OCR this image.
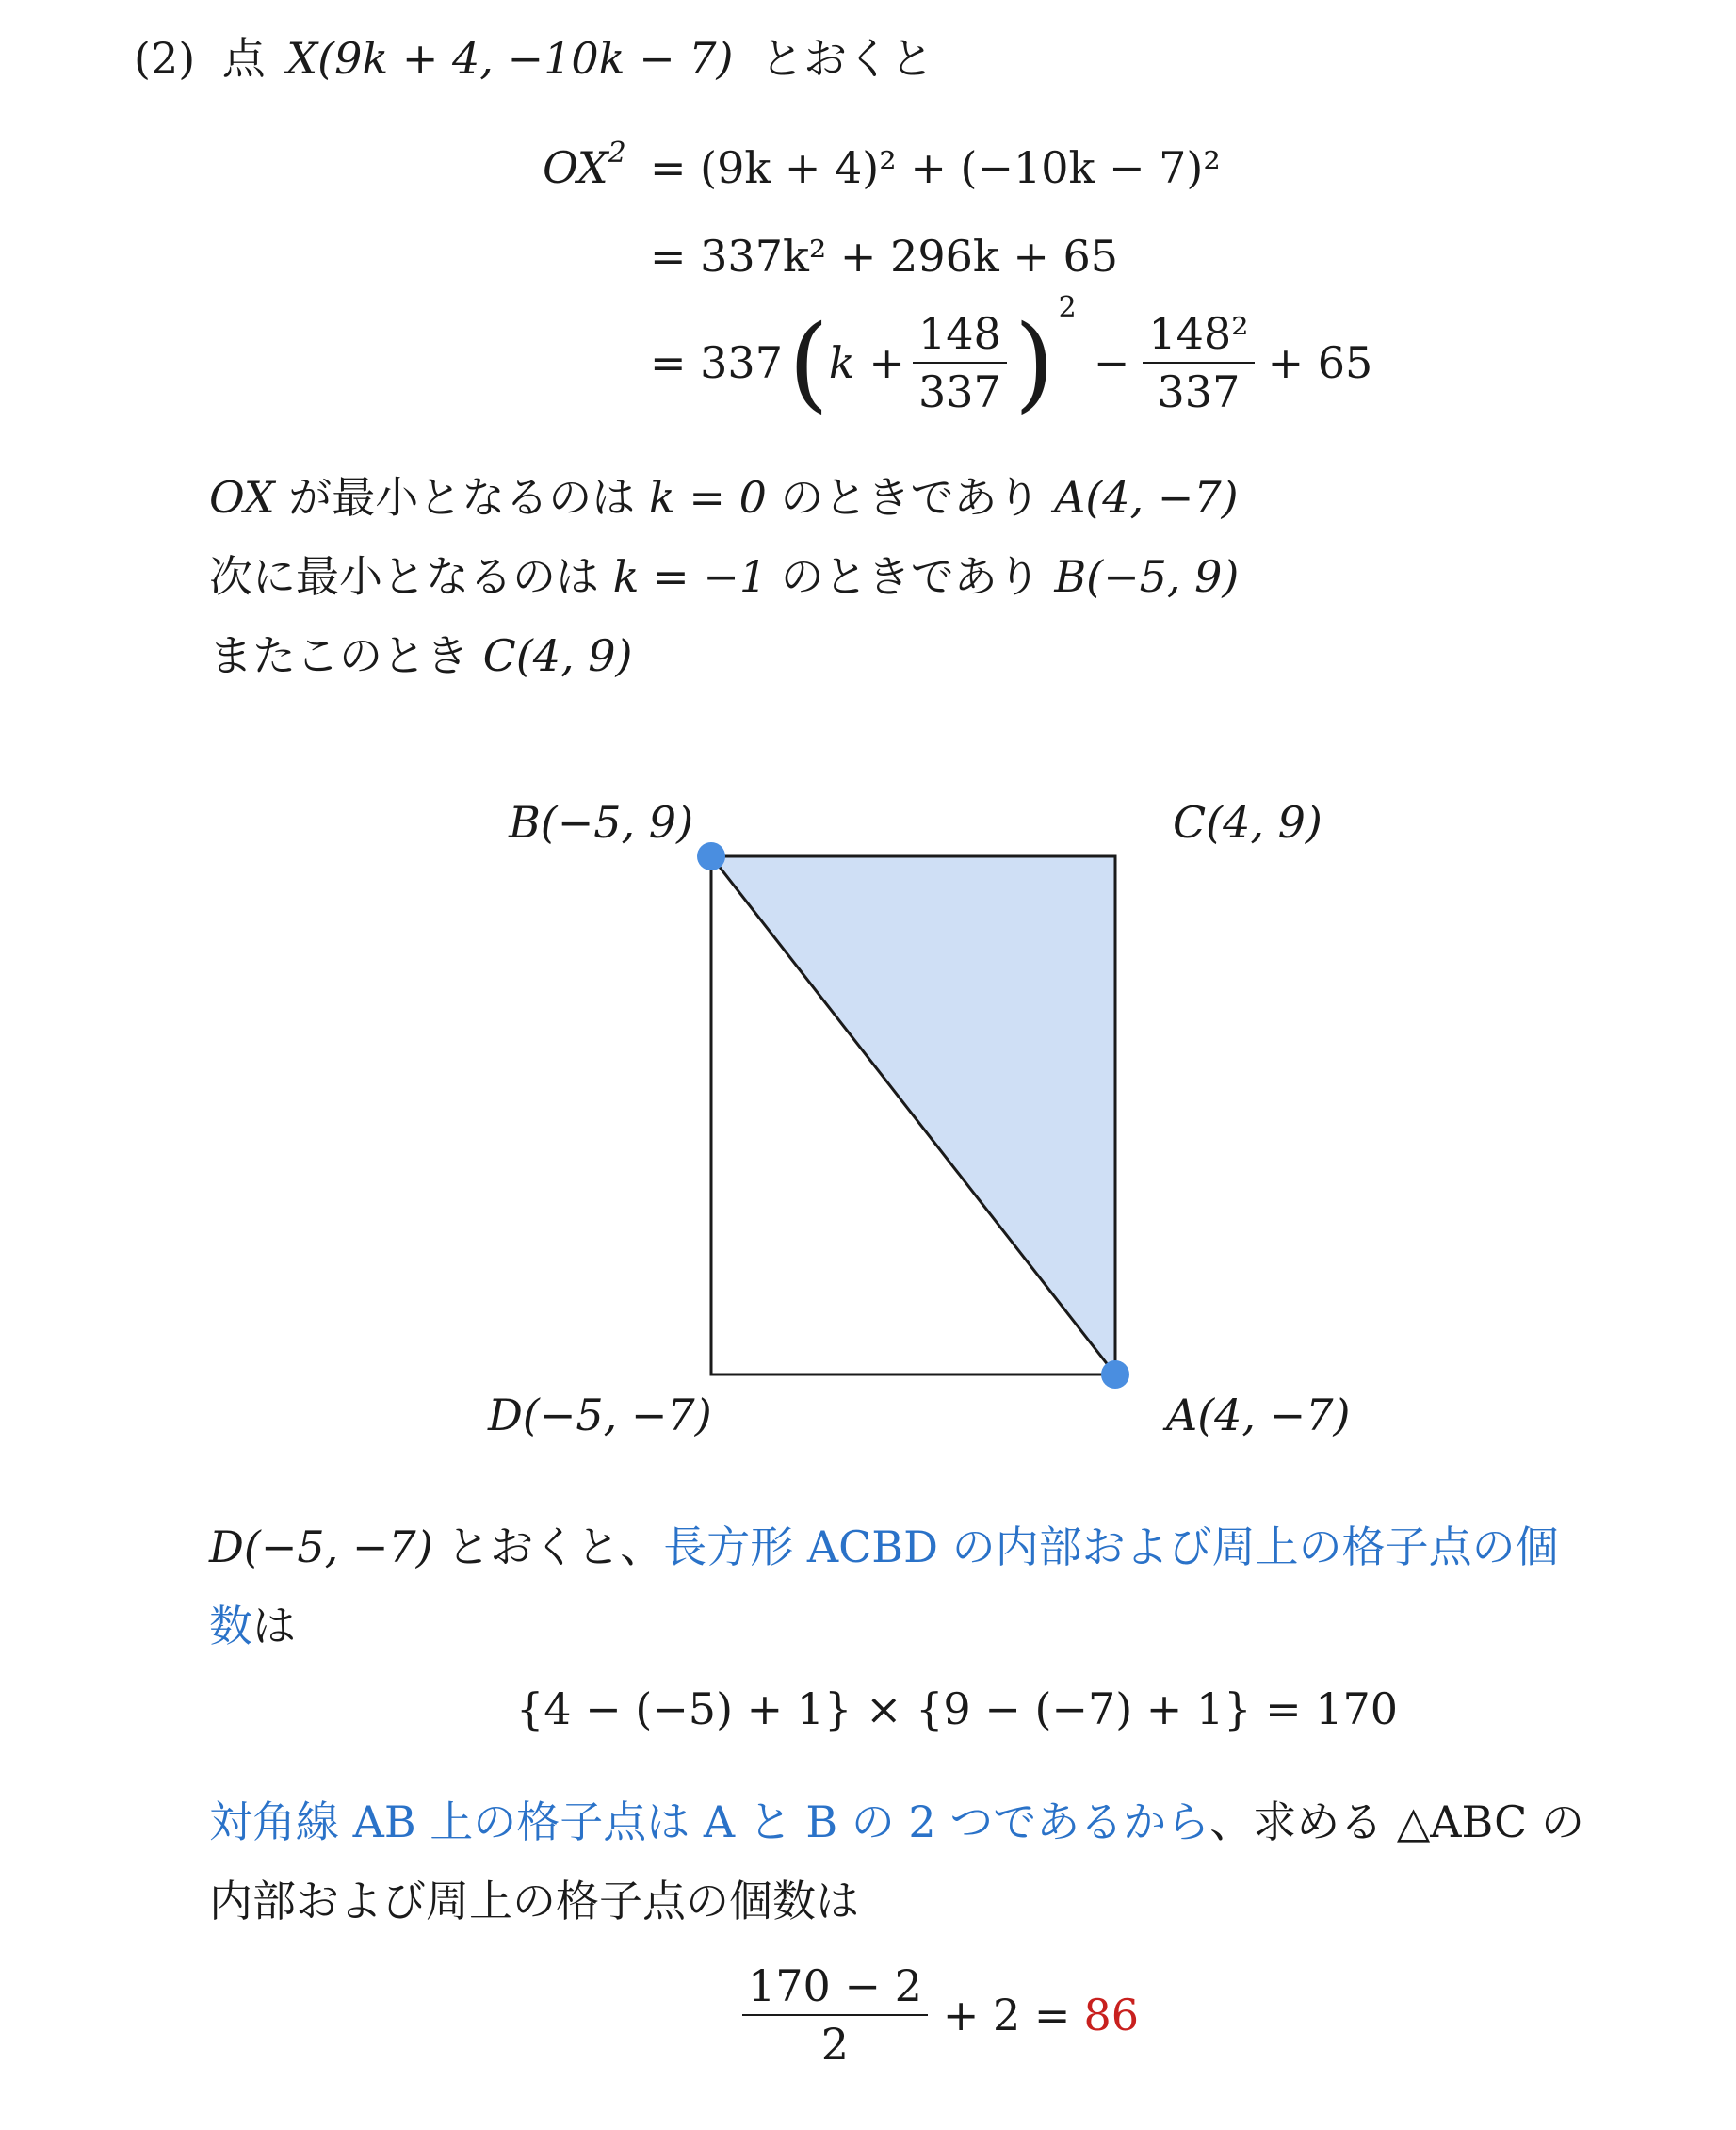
(2) 点 X(9k + 4, −10k − 7) とおくと
$OX^2 = (9k + 4)^2 + (-10k - 7)^2$
= 337k² + 296k + 65
= 337 ( $k + \frac{148}{337}$ ) 2
− $\frac{\text{148²}}{337} + 65$
OX が最小となるのは k = 0 のときであり A(4, −7)
次に最小となるのは k = −1 のときであり B(−5, 9)
またこのとき C(4, 9)
B(−5, 9)	C(4, 9)
D(−5, −7)	A(4, −7)
D(−5, −7) とおくと、長方形 ACBD の内部および周上の格子点の個
数は
{4 − (−5) + 1} × {9 − (−7) + 1} = 170
対角線 AB 上の格子点は A と B の 2 つであるから、求める △ABC の
内部および周上の格子点の個数は
$\frac{170 - 2}{2} + 2 = 86$
